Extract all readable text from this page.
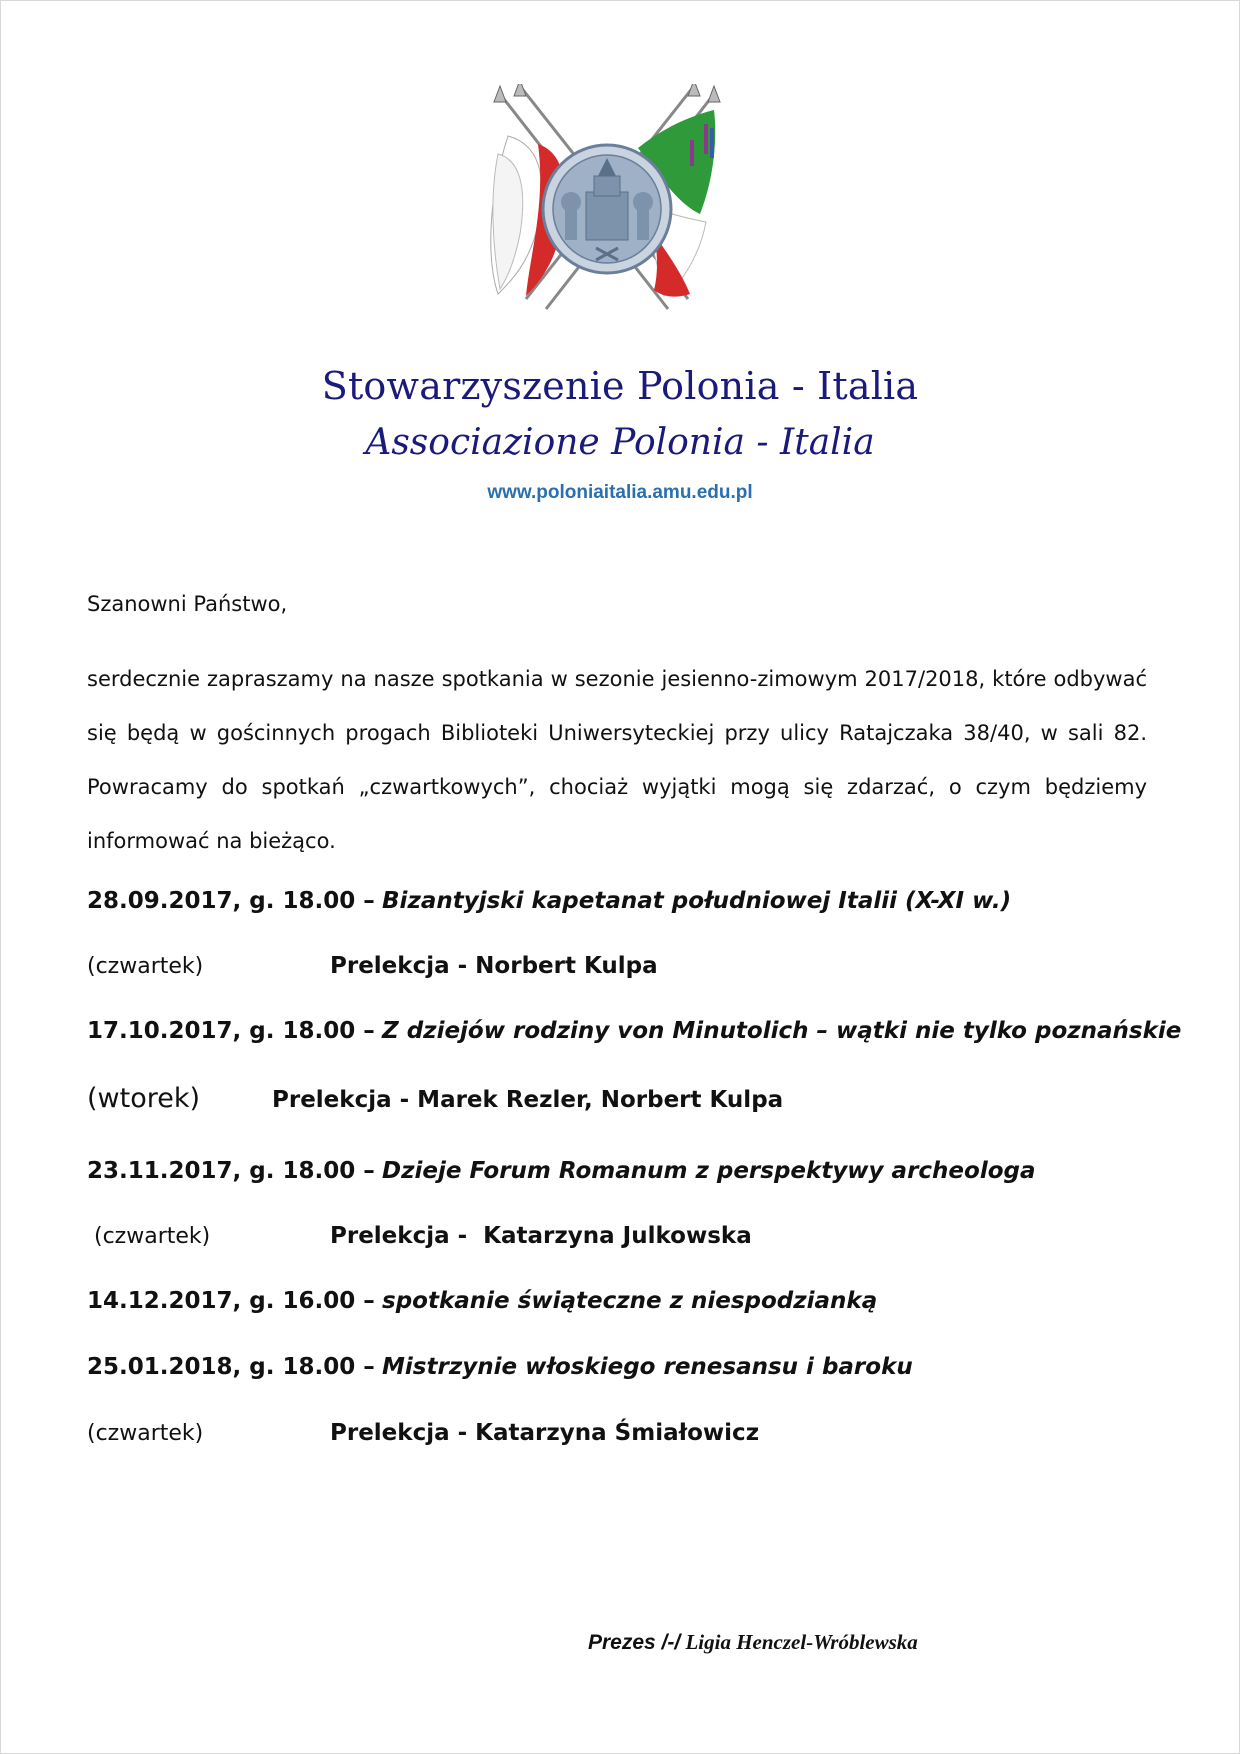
Stowarzyszenie Polonia - Italia
Associazione Polonia - Italia
www.poloniaitalia.amu.edu.pl
Szanowni Państwo,
serdecznie zapraszamy na nasze spotkania w sezonie jesienno-zimowym 2017/2018, które odbywać się będą w gościnnych progach Biblioteki Uniwersyteckiej przy ulicy Ratajczaka 38/40, w sali 82. Powracamy do spotkań „czwartkowych”, chociaż wyjątki mogą się zdarzać, o czym będziemy informować na bieżąco.
28.09.2017, g. 18.00 – Bizantyjski kapetanat południowej Italii (X-XI w.)
(czwartek)	Prelekcja - Norbert Kulpa
17.10.2017, g. 18.00 – Z dziejów rodziny von Minutolich – wątki nie tylko poznańskie
(wtorek)	Prelekcja - Marek Rezler, Norbert Kulpa
23.11.2017, g. 18.00 – Dzieje Forum Romanum z perspektywy archeologa
(czwartek)	Prelekcja -  Katarzyna Julkowska
14.12.2017, g. 16.00 – spotkanie świąteczne z niespodzianką
25.01.2018, g. 18.00 – Mistrzynie włoskiego renesansu i baroku
(czwartek)	Prelekcja - Katarzyna Śmiałowicz
Prezes /-/ Ligia Henczel-Wróblewska
